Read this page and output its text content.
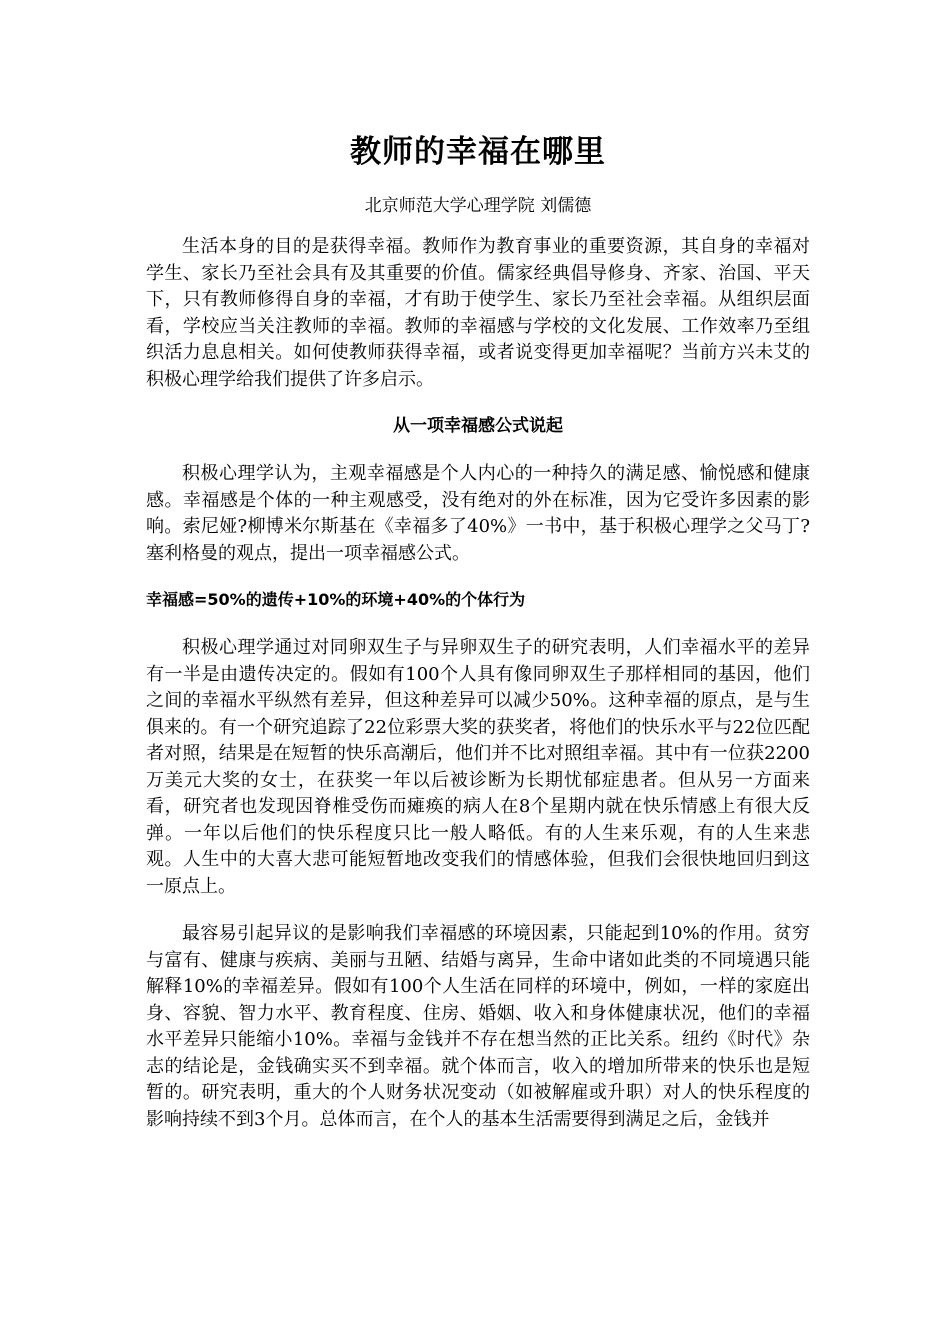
教师的幸福在哪里

北京师范大学心理学院 刘儒德

生活本身的目的是获得幸福。教师作为教育事业的重要资源，其自身的幸福对学生、家长乃至社会具有及其重要的价值。儒家经典倡导修身、齐家、治国、平天下，只有教师修得自身的幸福，才有助于使学生、家长乃至社会幸福。从组织层面看，学校应当关注教师的幸福。教师的幸福感与学校的文化发展、工作效率乃至组织活力息息相关。如何使教师获得幸福，或者说变得更加幸福呢？当前方兴未艾的积极心理学给我们提供了许多启示。

从一项幸福感公式说起

积极心理学认为，主观幸福感是个人内心的一种持久的满足感、愉悦感和健康感。幸福感是个体的一种主观感受，没有绝对的外在标准，因为它受许多因素的影响。索尼娅?柳博米尔斯基在《幸福多了40%》一书中，基于积极心理学之父马丁?塞利格曼的观点，提出一项幸福感公式。

幸福感=50%的遗传+10%的环境+40%的个体行为

积极心理学通过对同卵双生子与异卵双生子的研究表明，人们幸福水平的差异有一半是由遗传决定的。假如有100个人具有像同卵双生子那样相同的基因，他们之间的幸福水平纵然有差异，但这种差异可以减少50%。这种幸福的原点，是与生俱来的。有一个研究追踪了22位彩票大奖的获奖者，将他们的快乐水平与22位匹配者对照，结果是在短暂的快乐高潮后，他们并不比对照组幸福。其中有一位获2200万美元大奖的女士，在获奖一年以后被诊断为长期忧郁症患者。但从另一方面来看，研究者也发现因脊椎受伤而瘫痪的病人在8个星期内就在快乐情感上有很大反弹。一年以后他们的快乐程度只比一般人略低。有的人生来乐观，有的人生来悲观。人生中的大喜大悲可能短暂地改变我们的情感体验，但我们会很快地回归到这一原点上。

最容易引起异议的是影响我们幸福感的环境因素，只能起到10%的作用。贫穷与富有、健康与疾病、美丽与丑陋、结婚与离异，生命中诸如此类的不同境遇只能解释10%的幸福差异。假如有100个人生活在同样的环境中，例如，一样的家庭出身、容貌、智力水平、教育程度、住房、婚姻、收入和身体健康状况，他们的幸福水平差异只能缩小10%。幸福与金钱并不存在想当然的正比关系。纽约《时代》杂志的结论是，金钱确实买不到幸福。就个体而言，收入的增加所带来的快乐也是短暂的。研究表明，重大的个人财务状况变动（如被解雇或升职）对人的快乐程度的影响持续不到3个月。总体而言，在个人的基本生活需要得到满足之后，金钱并
